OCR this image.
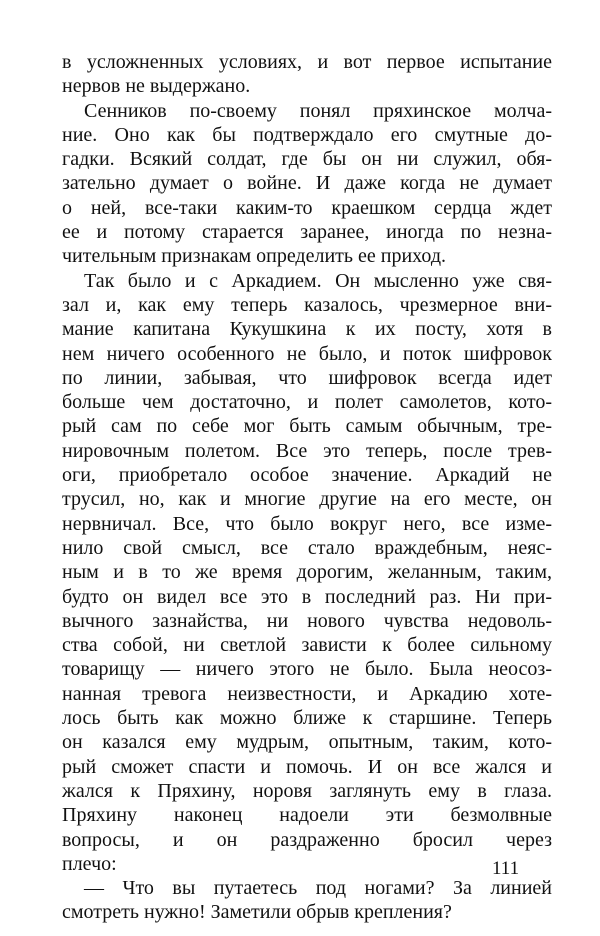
в усложненных условиях, и вот первое испытание
нервов не выдержано.
Сенников по-своему понял пряхинское молча-
ние. Оно как бы подтверждало его смутные до-
гадки. Всякий солдат, где бы он ни служил, обя-
зательно думает о войне. И даже когда не думает
о ней, все-таки каким-то краешком сердца ждет
ее и потому старается заранее, иногда по незна-
чительным признакам определить ее приход.
Так было и с Аркадием. Он мысленно уже свя-
зал и, как ему теперь казалось, чрезмерное вни-
мание капитана Кукушкина к их посту, хотя в
нем ничего особенного не было, и поток шифровок
по линии, забывая, что шифровок всегда идет
больше чем достаточно, и полет самолетов, кото-
рый сам по себе мог быть самым обычным, тре-
нировочным полетом. Все это теперь, после трев-
оги, приобретало особое значение. Аркадий не
трусил, но, как и многие другие на его месте, он
нервничал. Все, что было вокруг него, все изме-
нило свой смысл, все стало враждебным, неяс-
ным и в то же время дорогим, желанным, таким,
будто он видел все это в последний раз. Ни при-
вычного зазнайства, ни нового чувства недоволь-
ства собой, ни светлой зависти к более сильному
товарищу — ничего этого не было. Была неосоз-
нанная тревога неизвестности, и Аркадию хоте-
лось быть как можно ближе к старшине. Теперь
он казался ему мудрым, опытным, таким, кото-
рый сможет спасти и помочь. И он все жался и
жался к Пряхину, норовя заглянуть ему в глаза.
Пряхину наконец надоели эти безмолвные
вопросы, и он раздраженно бросил через
плечо:
— Что вы путаетесь под ногами? За линией
смотреть нужно! Заметили обрыв крепления?
111
